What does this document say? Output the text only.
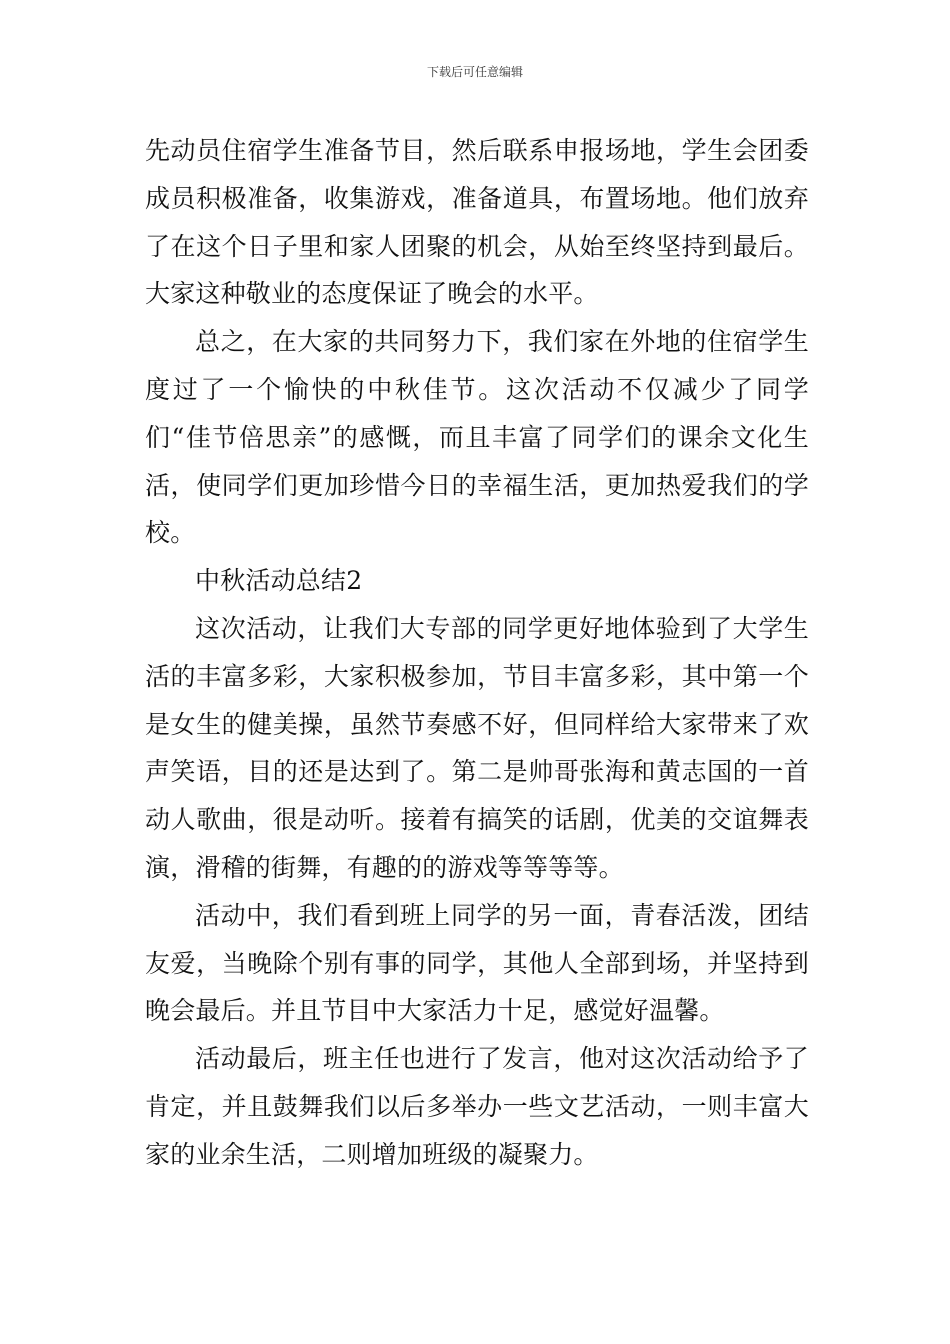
下载后可任意编辑

先动员住宿学生准备节目，然后联系申报场地，学生会团委成员积极准备，收集游戏，准备道具，布置场地。他们放弃了在这个日子里和家人团聚的机会，从始至终坚持到最后。大家这种敬业的态度保证了晚会的水平。

总之，在大家的共同努力下，我们家在外地的住宿学生度过了一个愉快的中秋佳节。这次活动不仅减少了同学们“佳节倍思亲”的感慨，而且丰富了同学们的课余文化生活，使同学们更加珍惜今日的幸福生活，更加热爱我们的学校。

中秋活动总结2

这次活动，让我们大专部的同学更好地体验到了大学生活的丰富多彩，大家积极参加，节目丰富多彩，其中第一个是女生的健美操，虽然节奏感不好，但同样给大家带来了欢声笑语，目的还是达到了。第二是帅哥张海和黄志国的一首动人歌曲，很是动听。接着有搞笑的话剧，优美的交谊舞表演，滑稽的街舞，有趣的的游戏等等等等。

活动中，我们看到班上同学的另一面，青春活泼，团结友爱，当晚除个别有事的同学，其他人全部到场，并坚持到晚会最后。并且节目中大家活力十足，感觉好温馨。

活动最后，班主任也进行了发言，他对这次活动给予了肯定，并且鼓舞我们以后多举办一些文艺活动，一则丰富大家的业余生活，二则增加班级的凝聚力。
